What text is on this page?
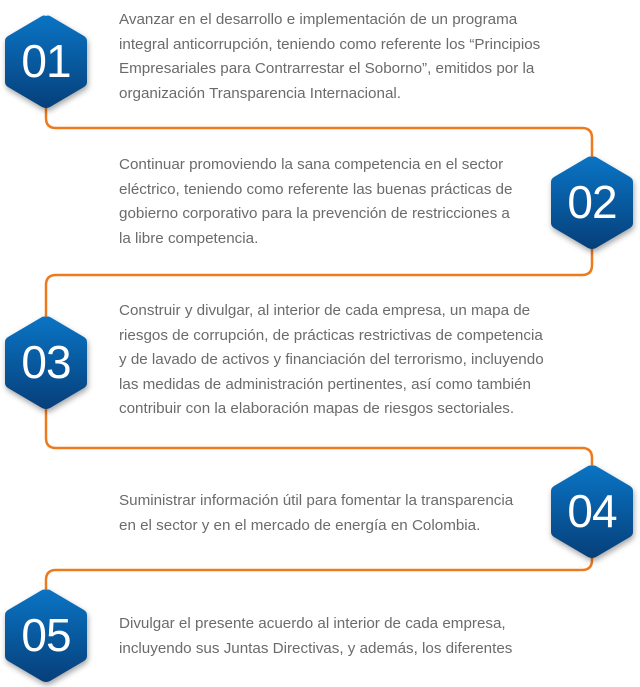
01
02
03
04
05
Avanzar en el desarrollo e implementación de un programa
integral anticorrupción, teniendo como referente los “Principios
Empresariales para Contrarrestar el Soborno”, emitidos por la
organización Transparencia Internacional.
Continuar promoviendo la sana competencia en el sector
eléctrico, teniendo como referente las buenas prácticas de
gobierno corporativo para la prevención de restricciones a
la libre competencia.
Construir y divulgar, al interior de cada empresa, un mapa de
riesgos de corrupción, de prácticas restrictivas de competencia
y de lavado de activos y financiación del terrorismo, incluyendo
las medidas de administración pertinentes, así como también
contribuir con la elaboración mapas de riesgos sectoriales.
Suministrar información útil para fomentar la transparencia
en el sector y en el mercado de energía en Colombia.
Divulgar el presente acuerdo al interior de cada empresa,
incluyendo sus Juntas Directivas, y además, los diferentes
